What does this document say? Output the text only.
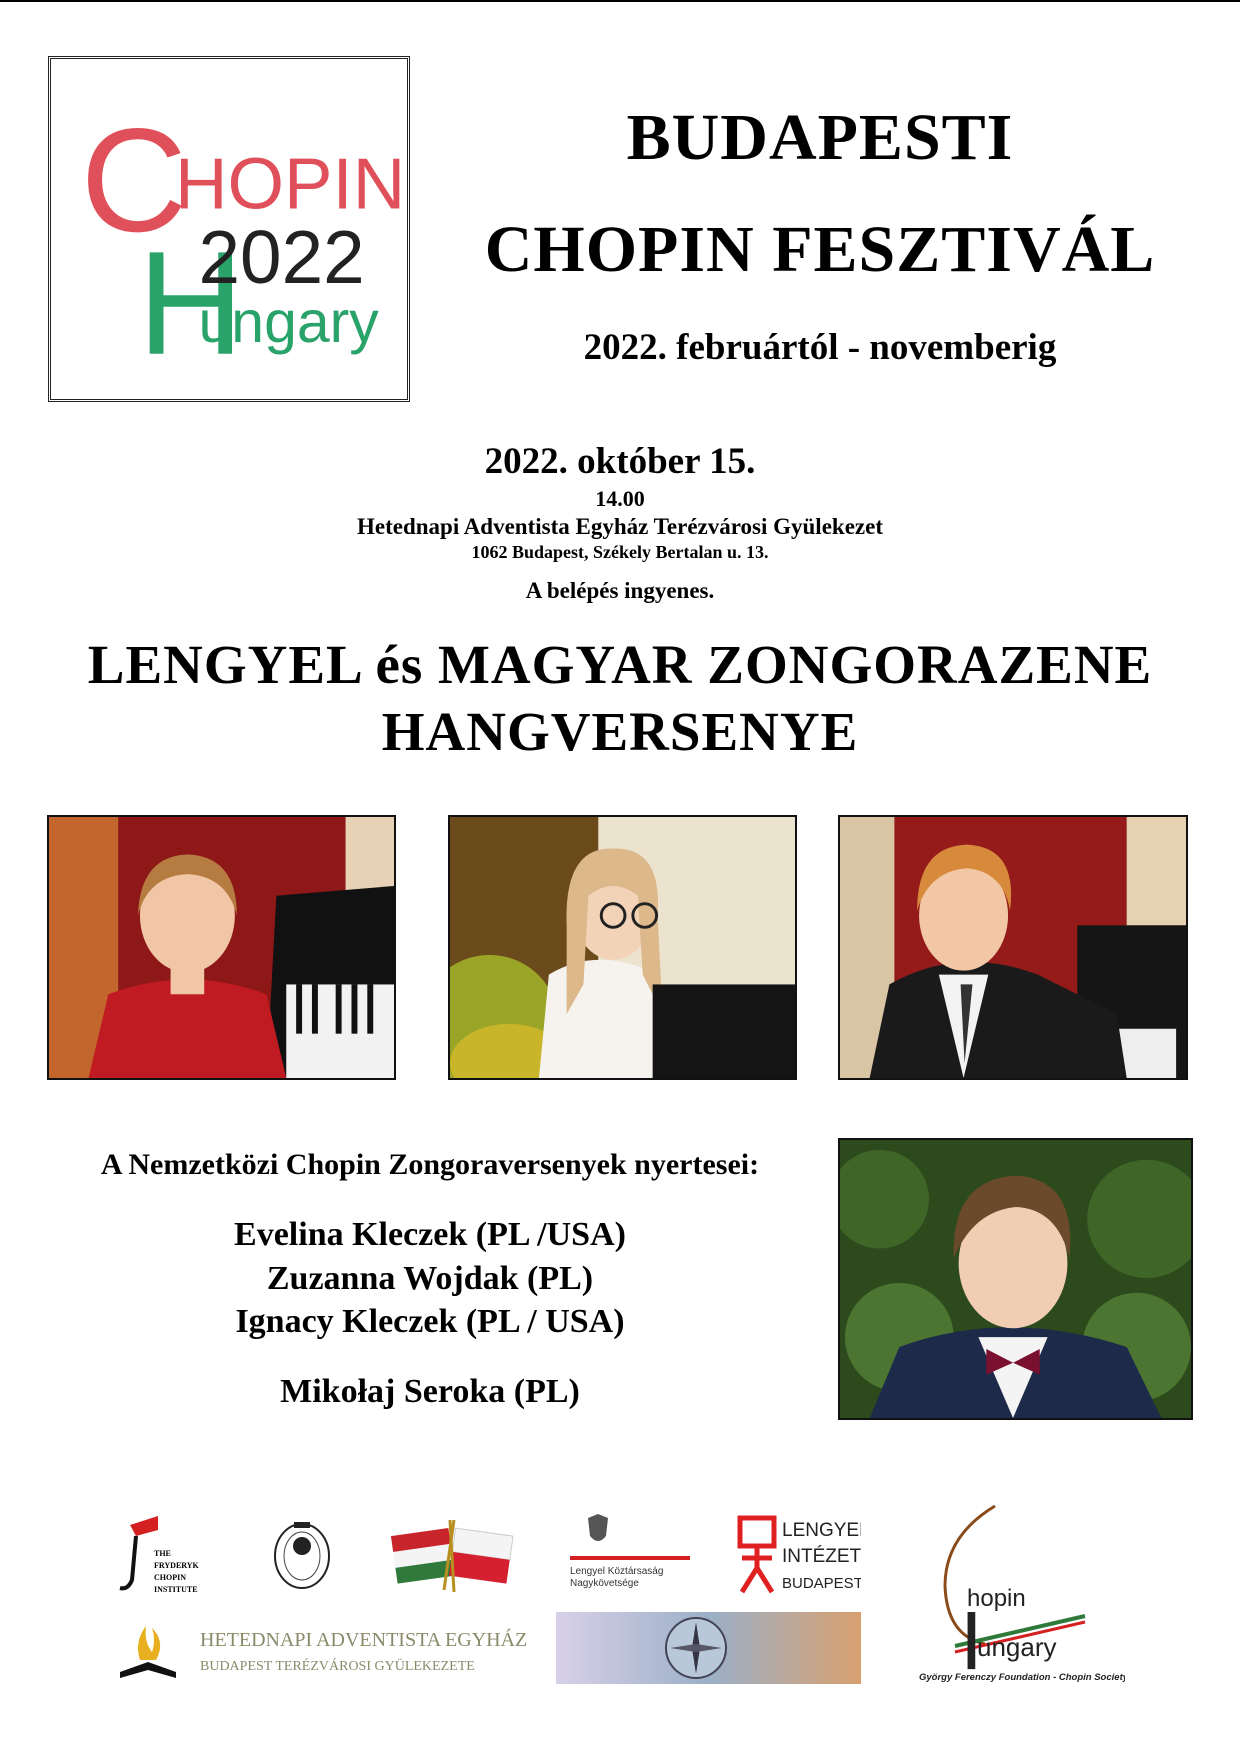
C
HOPIN
H
2022
ungary
BUDAPESTI
CHOPIN FESZTIVÁL
2022. februártól - novemberig
2022. október 15.
14.00
Hetednapi Adventista Egyház Terézvárosi Gyülekezet
1062 Budapest, Székely Bertalan u. 13.
A belépés ingyenes.
LENGYEL és MAGYAR ZONGORAZENE
HANGVERSENYE
A Nemzetközi Chopin Zongoraversenyek nyertesei:
Evelina Kleczek (PL /USA)
Zuzanna Wojdak (PL)
Ignacy Kleczek (PL / USA)
Mikołaj Seroka (PL)
THE
FRYDERYK
CHOPIN
INSTITUTE
Lengyel Köztársaság
Nagykövetsége
LENGYEL
INTÉZET
BUDAPEST
hopin
|
ungary
György Ferenczy Foundation - Chopin Society
HETEDNAPI ADVENTISTA EGYHÁZ
BUDAPEST TERÉZVÁROSI GYÜLEKEZETE
